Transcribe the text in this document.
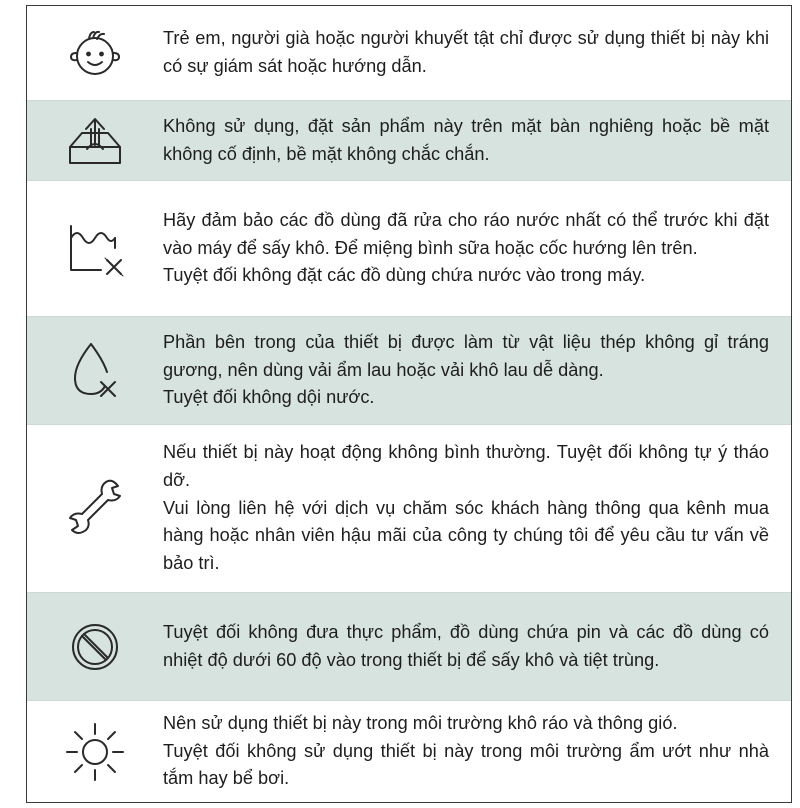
Trẻ em, người già hoặc người khuyết tật chỉ được sử dụng thiết bị này khi có sự giám sát hoặc hướng dẫn.

Không sử dụng, đặt sản phẩm này trên mặt bàn nghiêng hoặc bề mặt không cố định, bề mặt không chắc chắn.

Hãy đảm bảo các đồ dùng đã rửa cho ráo nước nhất có thể trước khi đặt vào máy để sấy khô. Để miệng bình sữa hoặc cốc hướng lên trên.

Tuyệt đối không đặt các đồ dùng chứa nước vào trong máy.

Phần bên trong của thiết bị được làm từ vật liệu thép không gỉ tráng gương, nên dùng vải ẩm lau hoặc vải khô lau dễ dàng.

Tuyệt đối không dội nước.

Nếu thiết bị này hoạt động không bình thường. Tuyệt đối không tự ý tháo dỡ.

Vui lòng liên hệ với dịch vụ chăm sóc khách hàng thông qua kênh mua hàng hoặc nhân viên hậu mãi của công ty chúng tôi để yêu cầu tư vấn về bảo trì.

Tuyệt đối không đưa thực phẩm, đồ dùng chứa pin và các đồ dùng có nhiệt độ dưới 60 độ vào trong thiết bị để sấy khô và tiệt trùng.

Nên sử dụng thiết bị này trong môi trường khô ráo và thông gió.

Tuyệt đối không sử dụng thiết bị này trong môi trường ẩm ướt như nhà tắm hay bể bơi.
